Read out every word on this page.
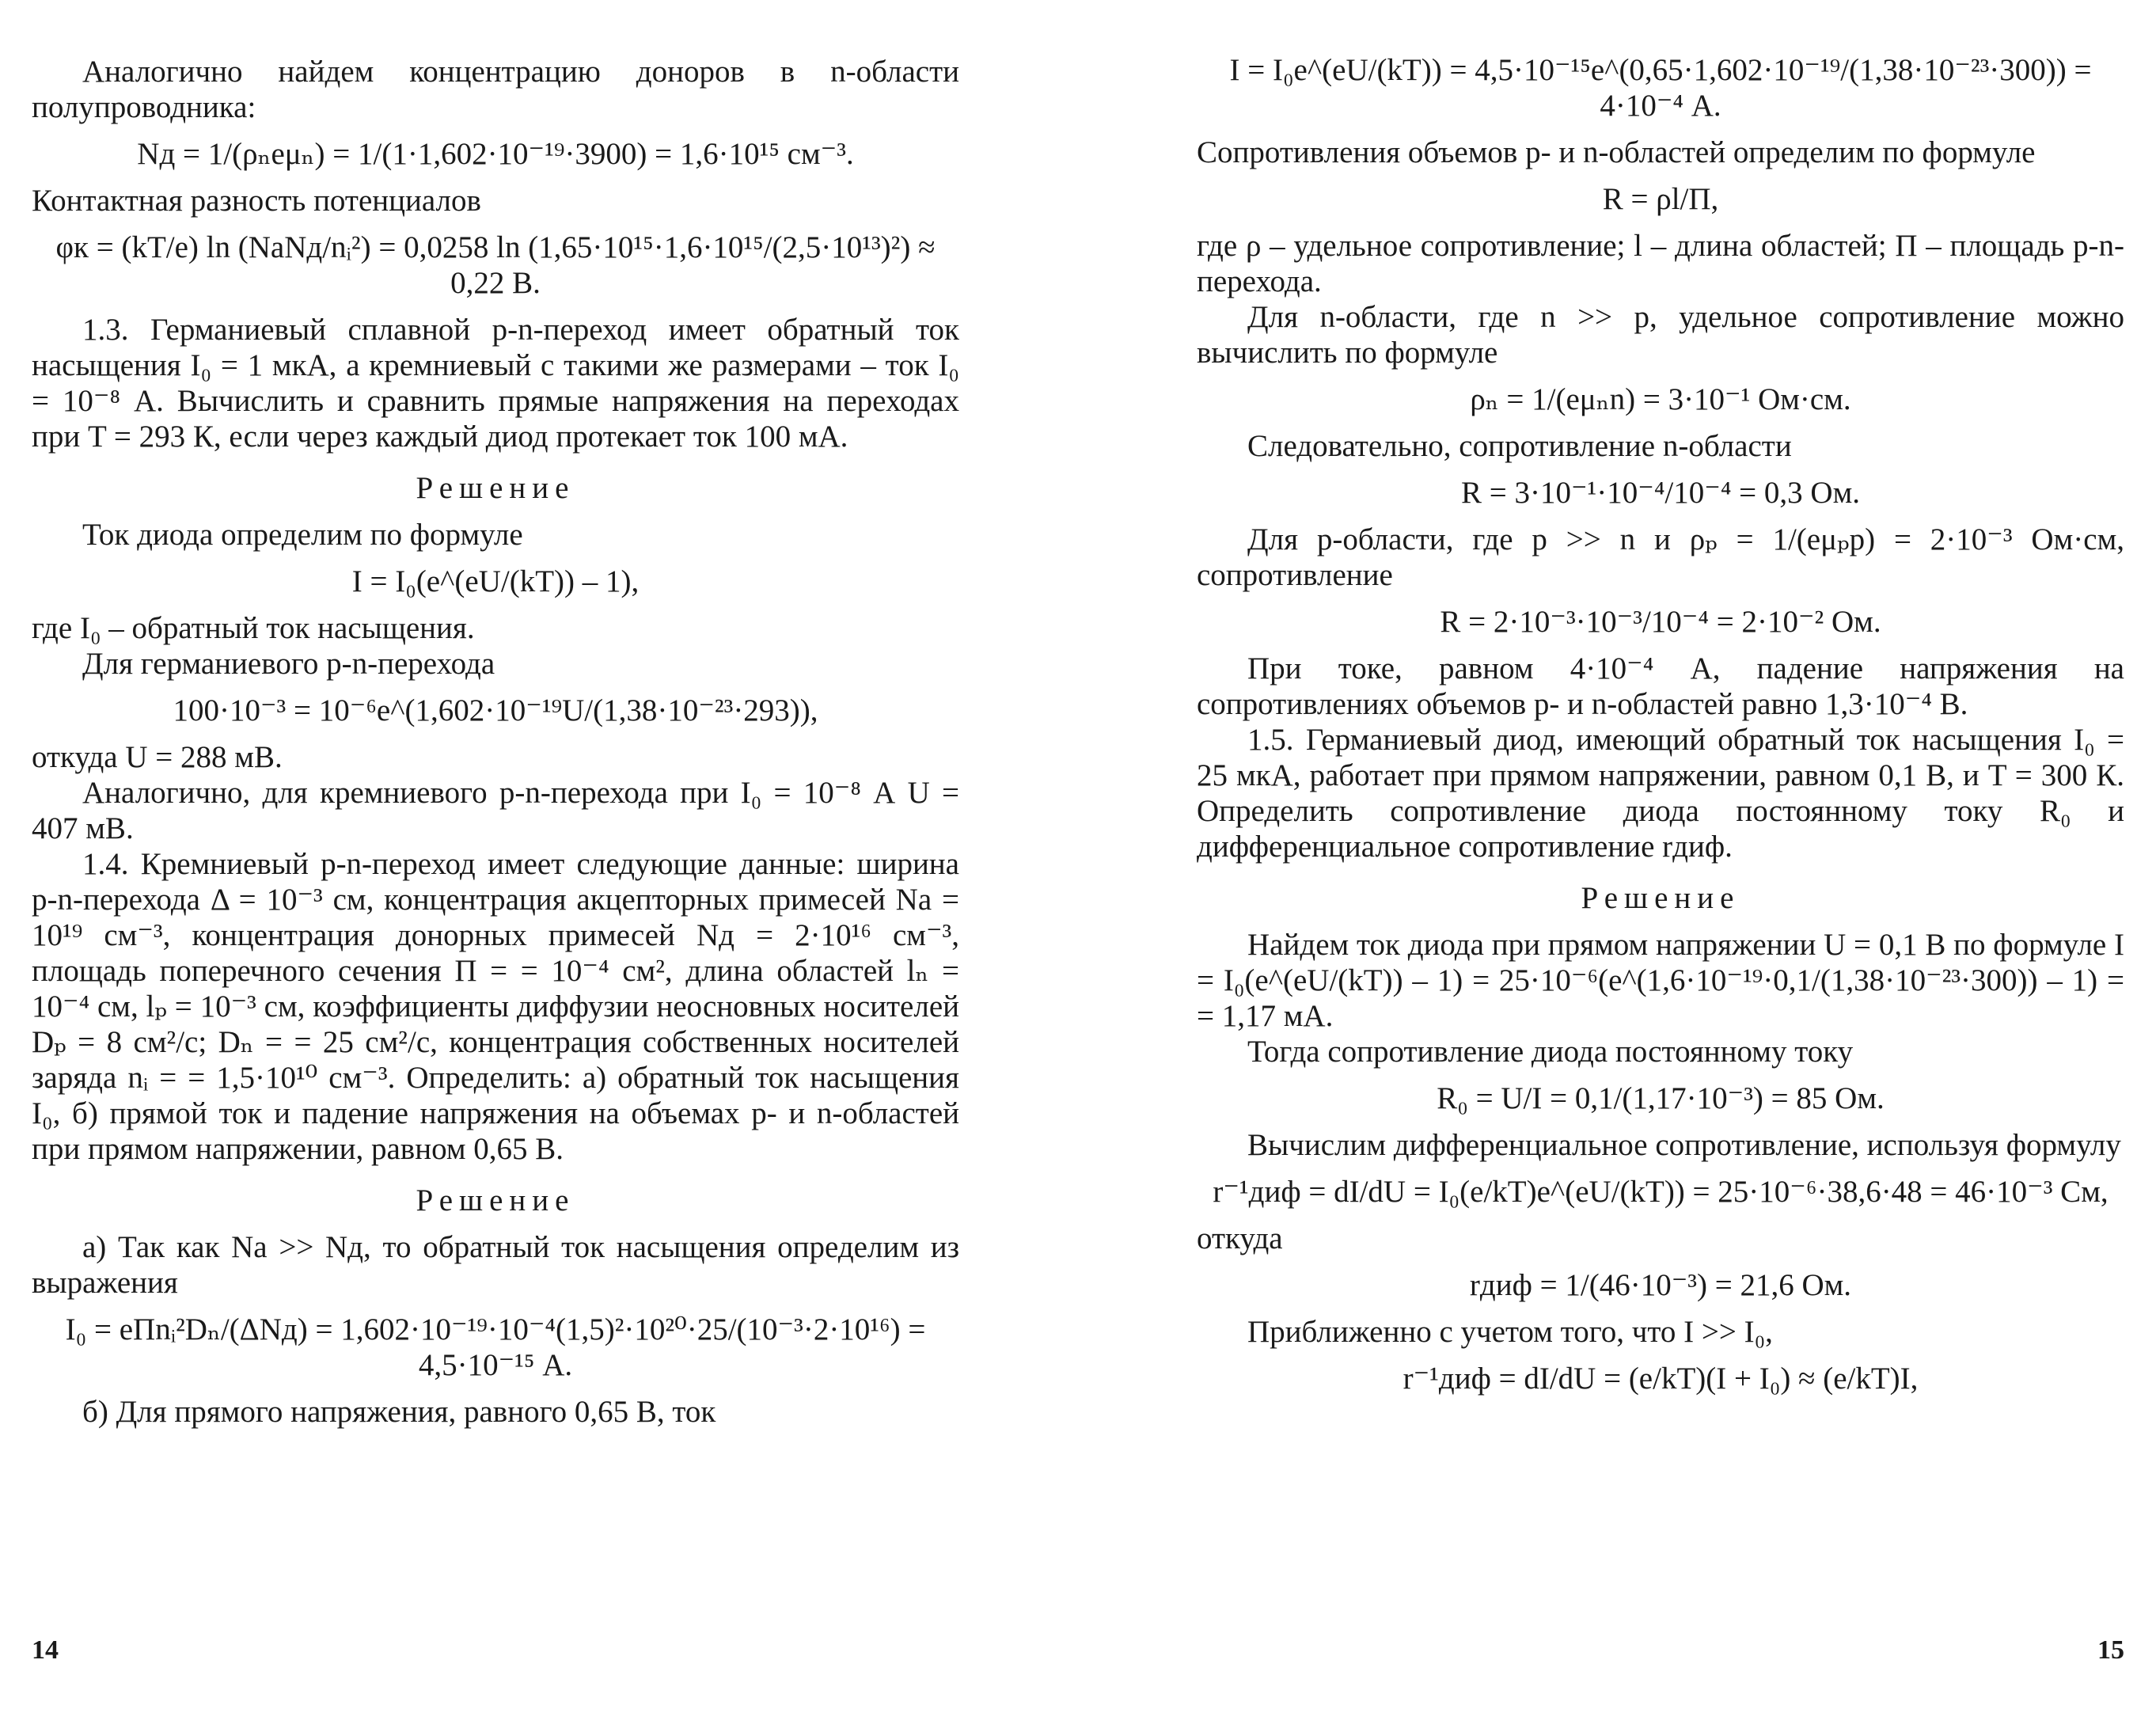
Аналогично найдем концентрацию доноров в n-области полупроводника:
Nд = 1/(ρₙeμₙ) = 1/(1·1,602·10⁻¹⁹·3900) = 1,6·10¹⁵ см⁻³.
Контактная разность потенциалов
φк = (kT/e) ln (NаNд/nᵢ²) = 0,0258 ln (1,65·10¹⁵·1,6·10¹⁵/(2,5·10¹³)²) ≈ 0,22 В.
1.3. Германиевый сплавной p-n-переход имеет обратный ток насыщения I₀ = 1 мкА, а кремниевый с такими же размерами – ток I₀ = 10⁻⁸ А. Вычислить и сравнить прямые напряжения на переходах при T = 293 К, если через каждый диод протекает ток 100 мА.
Решение
Ток диода определим по формуле
I = I₀(e^(eU/(kT)) – 1),
где I₀ – обратный ток насыщения.
Для германиевого p-n-перехода
100·10⁻³ = 10⁻⁶e^(1,602·10⁻¹⁹U/(1,38·10⁻²³·293)),
откуда U = 288 мВ.
Аналогично, для кремниевого p-n-перехода при I₀ = 10⁻⁸ А U = 407 мВ.
1.4. Кремниевый p-n-переход имеет следующие данные: ширина p-n-перехода Δ = 10⁻³ см, концентрация акцепторных примесей Nа = 10¹⁹ см⁻³, концентрация донорных примесей Nд = 2·10¹⁶ см⁻³, площадь поперечного сечения П = = 10⁻⁴ см², длина областей lₙ = 10⁻⁴ см, lₚ = 10⁻³ см, коэффициенты диффузии неосновных носителей Dₚ = 8 см²/с; Dₙ = = 25 см²/с, концентрация собственных носителей заряда nᵢ = = 1,5·10¹⁰ см⁻³. Определить: а) обратный ток насыщения I₀, б) прямой ток и падение напряжения на объемах p- и n-областей при прямом напряжении, равном 0,65 В.
Решение
а) Так как Nа >> Nд, то обратный ток насыщения определим из выражения
I₀ = eПnᵢ²Dₙ/(ΔNд) = 1,602·10⁻¹⁹·10⁻⁴(1,5)²·10²⁰·25/(10⁻³·2·10¹⁶) = 4,5·10⁻¹⁵ А.
б) Для прямого напряжения, равного 0,65 В, ток
14
I = I₀e^(eU/(kT)) = 4,5·10⁻¹⁵e^(0,65·1,602·10⁻¹⁹/(1,38·10⁻²³·300)) = 4·10⁻⁴ А.
Сопротивления объемов p- и n-областей определим по формуле
R = ρl/П,
где ρ – удельное сопротивление; l – длина областей; П – площадь p-n-перехода.
Для n-области, где n >> p, удельное сопротивление можно вычислить по формуле
ρₙ = 1/(eμₙn) = 3·10⁻¹ Ом·см.
Следовательно, сопротивление n-области
R = 3·10⁻¹·10⁻⁴/10⁻⁴ = 0,3 Ом.
Для p-области, где p >> n и ρₚ = 1/(eμₚp) = 2·10⁻³ Ом·см, сопротивление
R = 2·10⁻³·10⁻³/10⁻⁴ = 2·10⁻² Ом.
При токе, равном 4·10⁻⁴ А, падение напряжения на сопротивлениях объемов p- и n-областей равно 1,3·10⁻⁴ В.
1.5. Германиевый диод, имеющий обратный ток насыщения I₀ = 25 мкА, работает при прямом напряжении, равном 0,1 В, и T = 300 К. Определить сопротивление диода постоянному току R₀ и дифференциальное сопротивление rдиф.
Решение
Найдем ток диода при прямом напряжении U = 0,1 В по формуле I = I₀(e^(eU/(kT)) – 1) = 25·10⁻⁶(e^(1,6·10⁻¹⁹·0,1/(1,38·10⁻²³·300)) – 1) = = 1,17 мА.
Тогда сопротивление диода постоянному току
R₀ = U/I = 0,1/(1,17·10⁻³) = 85 Ом.
Вычислим дифференциальное сопротивление, используя формулу
r⁻¹диф = dI/dU = I₀(e/kT)e^(eU/(kT)) = 25·10⁻⁶·38,6·48 = 46·10⁻³ См,
откуда
rдиф = 1/(46·10⁻³) = 21,6 Ом.
Приближенно с учетом того, что I >> I₀,
r⁻¹диф = dI/dU = (e/kT)(I + I₀) ≈ (e/kT)I,
15
